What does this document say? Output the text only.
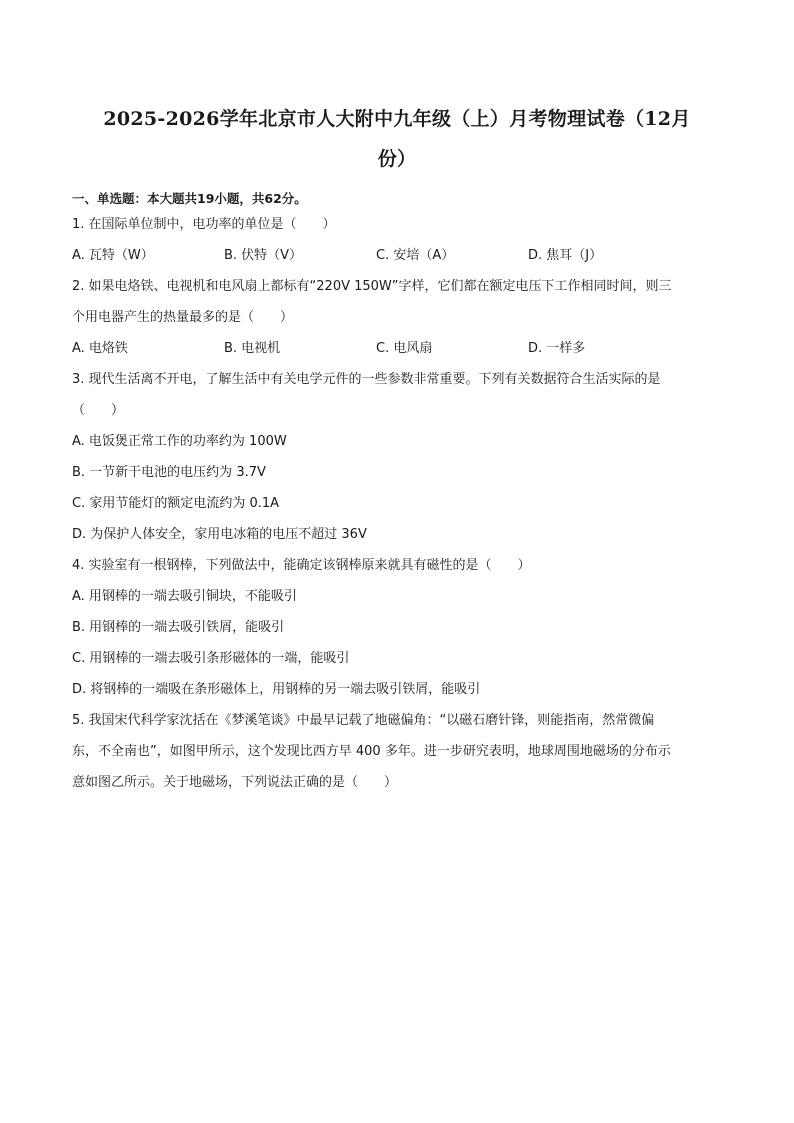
2025-2026学年北京市人大附中九年级（上）月考物理试卷（12月
份）
一、单选题：本大题共19小题，共62分。
1. 在国际单位制中，电功率的单位是（　　）
A. 瓦特（W）	B. 伏特（V）	C. 安培（A）	D. 焦耳（J）
2. 如果电烙铁、电视机和电风扇上都标有“220V 150W”字样，它们都在额定电压下工作相同时间，则三
个用电器产生的热量最多的是（　　）
A. 电烙铁	B. 电视机	C. 电风扇	D. 一样多
3. 现代生活离不开电，了解生活中有关电学元件的一些参数非常重要。下列有关数据符合生活实际的是
（　　）
A. 电饭煲正常工作的功率约为 100W
B. 一节新干电池的电压约为 3.7V
C. 家用节能灯的额定电流约为 0.1A
D. 为保护人体安全，家用电冰箱的电压不超过 36V
4. 实验室有一根钢棒，下列做法中，能确定该钢棒原来就具有磁性的是（　　）
A. 用钢棒的一端去吸引铜块，不能吸引
B. 用钢棒的一端去吸引铁屑，能吸引
C. 用钢棒的一端去吸引条形磁体的一端，能吸引
D. 将钢棒的一端吸在条形磁体上，用钢棒的另一端去吸引铁屑，能吸引
5. 我国宋代科学家沈括在《梦溪笔谈》中最早记载了地磁偏角：“以磁石磨针锋，则能指南，然常微偏
东，不全南也”，如图甲所示，这个发现比西方早 400 多年。进一步研究表明，地球周围地磁场的分布示
意如图乙所示。关于地磁场，下列说法正确的是（　　）
